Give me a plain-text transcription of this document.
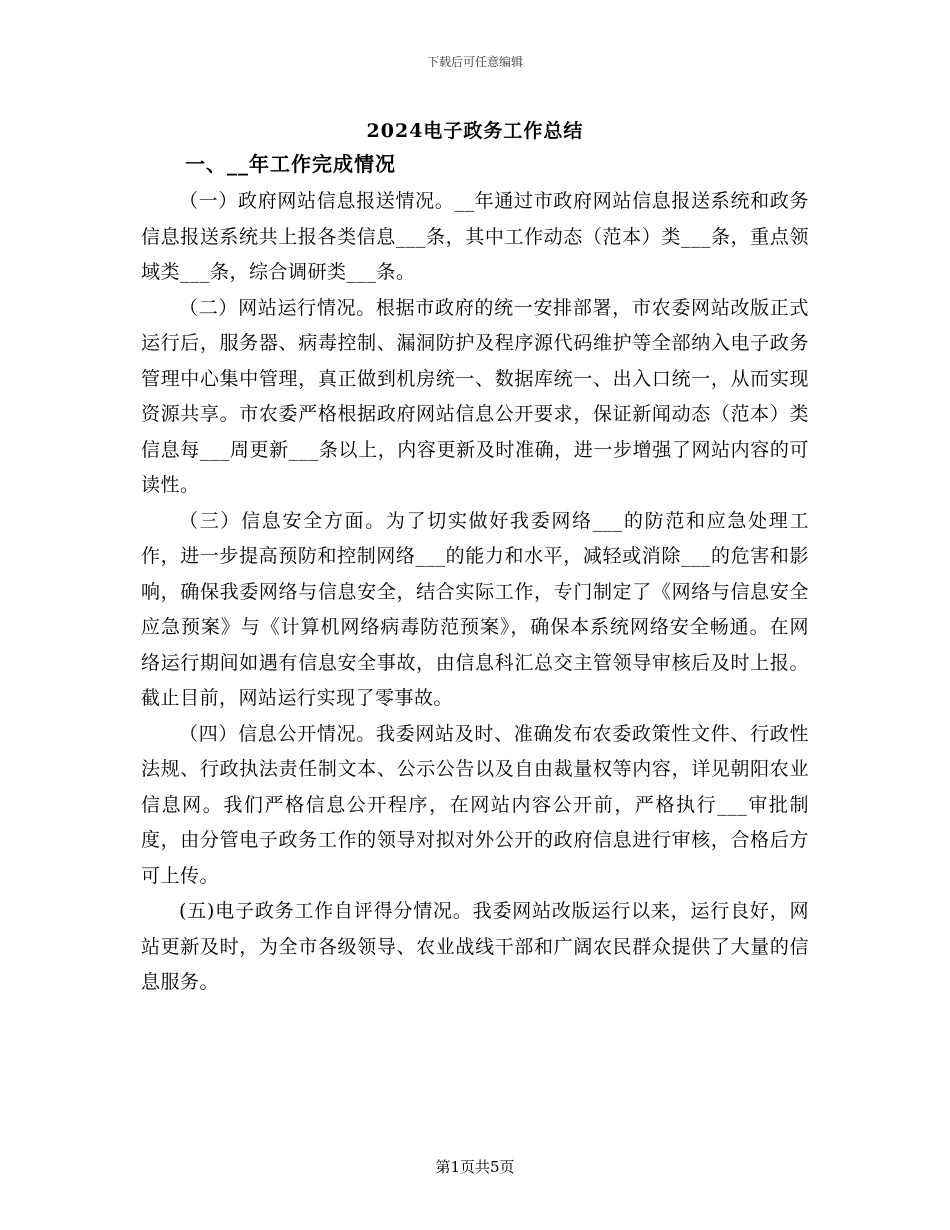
下载后可任意编辑
2024电子政务工作总结
一、__年工作完成情况

（一）政府网站信息报送情况。__年通过市政府网站信息报送系统和政务信息报送系统共上报各类信息___条，其中工作动态（范本）类___条，重点领域类___条，综合调研类___条。

（二）网站运行情况。根据市政府的统一安排部署，市农委网站改版正式运行后，服务器、病毒控制、漏洞防护及程序源代码维护等全部纳入电子政务管理中心集中管理，真正做到机房统一、数据库统一、出入口统一，从而实现资源共享。市农委严格根据政府网站信息公开要求，保证新闻动态（范本）类信息每___周更新___条以上，内容更新及时准确，进一步增强了网站内容的可读性。

（三）信息安全方面。为了切实做好我委网络___的防范和应急处理工作，进一步提高预防和控制网络___的能力和水平，减轻或消除___的危害和影响，确保我委网络与信息安全，结合实际工作，专门制定了《网络与信息安全应急预案》与《计算机网络病毒防范预案》，确保本系统网络安全畅通。在网络运行期间如遇有信息安全事故，由信息科汇总交主管领导审核后及时上报。截止目前，网站运行实现了零事故。

（四）信息公开情况。我委网站及时、准确发布农委政策性文件、行政性法规、行政执法责任制文本、公示公告以及自由裁量权等内容，详见朝阳农业信息网。我们严格信息公开程序，在网站内容公开前，严格执行___审批制度，由分管电子政务工作的领导对拟对外公开的政府信息进行审核，合格后方可上传。

(五)电子政务工作自评得分情况。我委网站改版运行以来，运行良好，网站更新及时，为全市各级领导、农业战线干部和广阔农民群众提供了大量的信息服务。

第1页共5页
